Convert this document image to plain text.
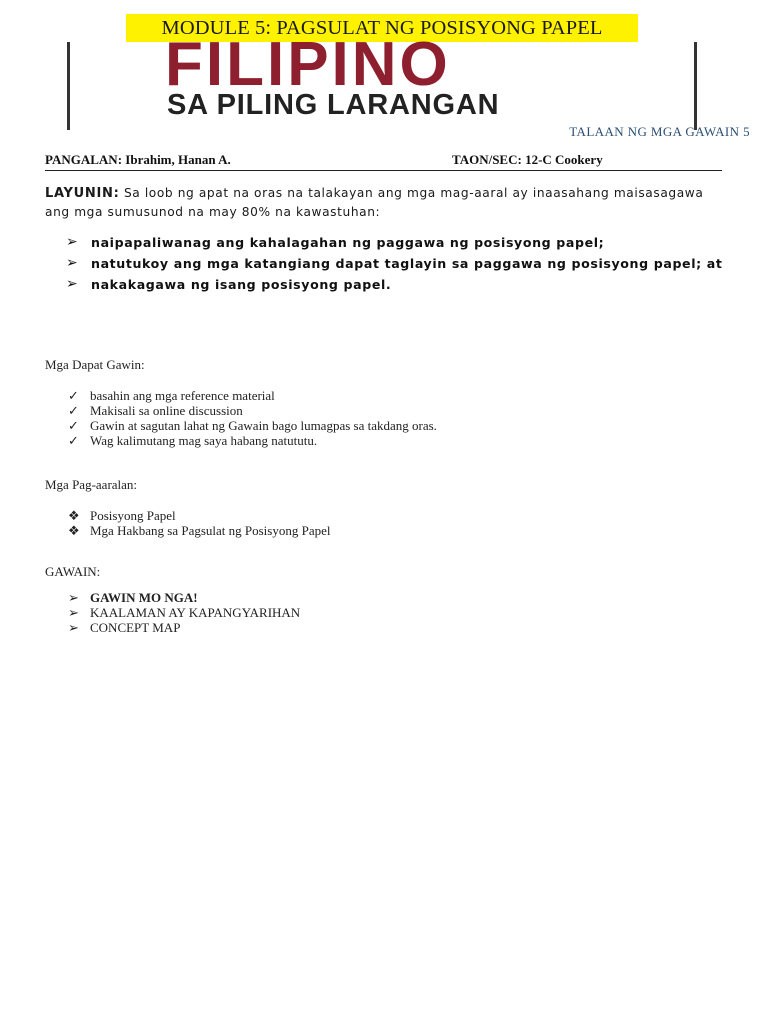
MODULE 5: PAGSULAT NG POSISYONG PAPEL
FILIPINO
SA PILING LARANGAN
TALAAN NG MGA GAWAIN 5
PANGALAN: Ibrahim, Hanan A.	TAON/SEC: 12-C Cookery
LAYUNIN: Sa loob ng apat na oras na talakayan ang mga mag-aaral ay inaasahang maisasagawa ang mga sumusunod na may 80% na kawastuhan:
➢ naipapaliwanag ang kahalagahan ng paggawa ng posisyong papel;
➢ natutukoy ang mga katangiang dapat taglayin sa paggawa ng posisyong papel; at
➢ nakakagawa ng isang posisyong papel.
Mga Dapat Gawin:
✓ basahin ang mga reference material
✓ Makisali sa online discussion
✓ Gawin at sagutan lahat ng Gawain bago lumagpas sa takdang oras.
✓ Wag kalimutang mag saya habang natututu.
Mga Pag-aaralan:
❖ Posisyong Papel
❖ Mga Hakbang sa Pagsulat ng Posisyong Papel
GAWAIN:
➢ GAWIN MO NGA!
➢ KAALAMAN AY KAPANGYARIHAN
➢ CONCEPT MAP
